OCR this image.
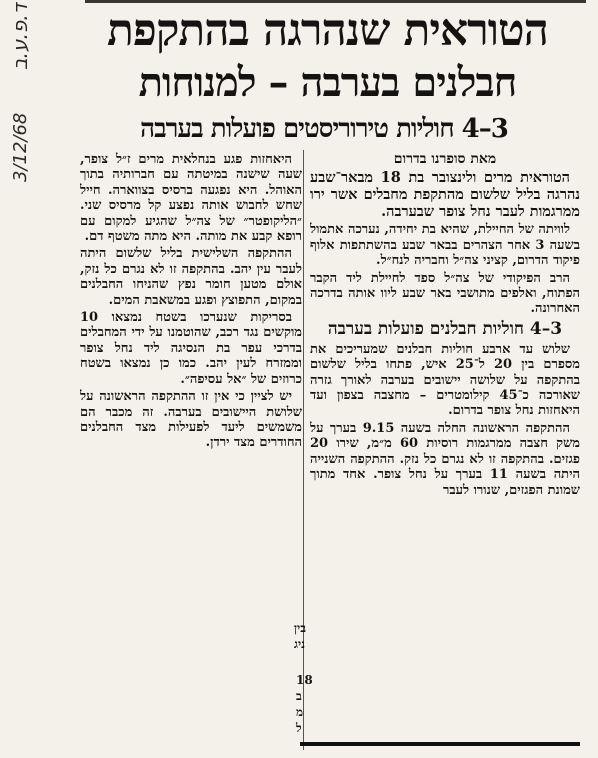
ד.פ.ע.ב
3/12/68
הטוראית שנהרגה בהתקפת
חבלנים בערבה – למנוחות
3–4 חוליות טירוריסטים פועלות בערבה

מאת סופרנו בדרום

הטוראית מרים ולינצובר בת 18 מבאר־שבע נהרגה בליל שלשום מהתקפת מחבלים אשר ירו ממרגמות לעבר נחל צופר שבערבה.

לוויתה של החיילת, שהיא בת יחידה, נערכה אתמול בשעה 3 אחר הצהרים בבאר שבע בהשתתפות אלוף פיקוד הדרום, קציני צה״ל וחבריה לנח״ל.

הרב הפיקודי של צה״ל ספד לחיילת ליד הקבר הפתוח, ואלפים מתושבי באר שבע ליוו אותה בדרכה האחרונה.

3–4 חוליות חבלנים פועלות בערבה

שלוש עד ארבע חוליות חבלנים שמעריכים את מספרם בין 20 ל־25 איש, פתחו בליל שלשום בהתקפה על שלושה יישובים בערבה לאורך גזרה שאורכה כ־45 קילומטרים – מחצבה בצפון ועד היאחזות נחל צופר בדרום.

ההתקפה הראשונה החלה בשעה 9.15 בערך על משק חצבה ממרגמות רוסיות 60 מ״מ, שירו 20 פגזים. בהתקפה זו לא נגרם כל נזק. ההתקפה השנייה היתה בשעה 11 בערך על נחל צופר. אחד מתוך שמונת הפגזים, שנורו לעבר

היאחזות פגע בנחלאית מרים ז״ל צופר, שעה שישנה במיטתה עם חברותיה בתוך האוהל. היא נפגעה ברסיס בצווארה. חייל שחש לחבוש אותה נפצע קל מרסיס שני. ״הליקופטר״ של צה״ל שהגיע למקום עם רופא קבע את מותה. היא מתה משטף דם.

ההתקפה השלישית בליל שלשום היתה לעבר עין יהב. בהתקפה זו לא נגרם כל נזק, אולם מטען חומר נפץ שהניחו החבלנים במקום, התפוצץ ופגע במשאבת המים.

בסריקות שנערכו בשטח נמצאו 10 מוקשים נגד רכב, שהוטמנו על ידי המחבלים בדרכי עפר בת הנסיגה ליד נחל צופר וממזרח לעין יהב. כמו כן נמצאו בשטח כרוזים של ״אל עסיפה״.

יש לציין כי אין זו ההתקפה הראשונה על שלושת היישובים בערבה. זה מכבר הם משמשים ליעד לפעילות מצד החבלנים החודרים מצד ירדן.

בין
ניג
18
ב
מ
ל
